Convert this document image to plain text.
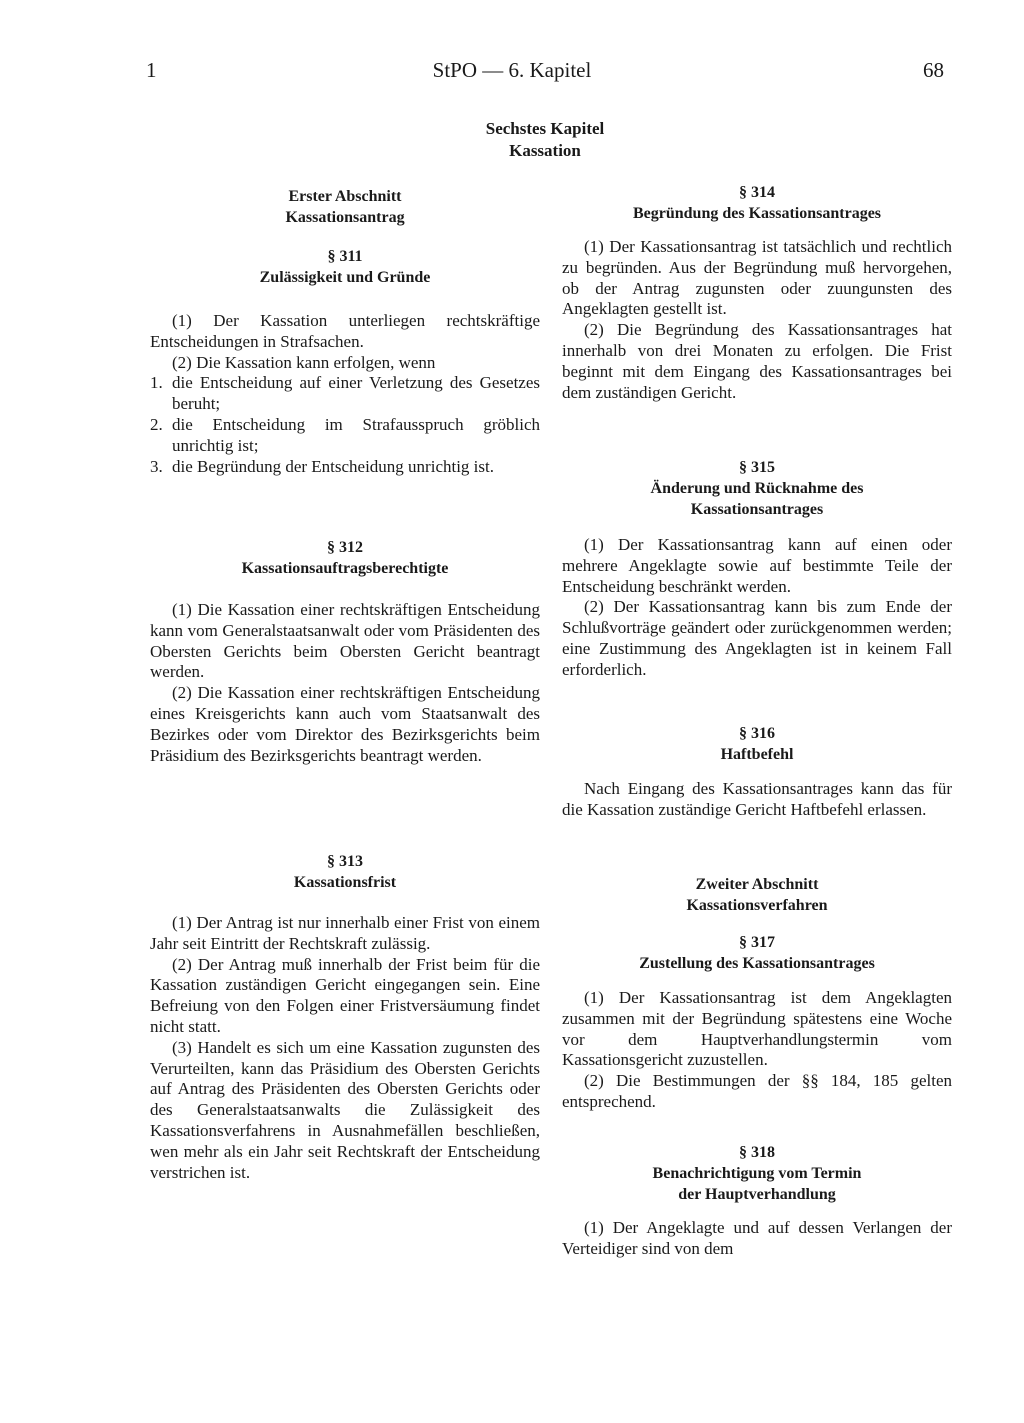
1	StPO — 6. Kapitel	68
Sechstes Kapitel
Kassation
Erster Abschnitt
Kassationsantrag
§ 311
Zulässigkeit und Gründe

(1) Der Kassation unterliegen rechtskräftige Entscheidungen in Strafsachen.

(2) Die Kassation kann erfolgen, wenn

1. die Entscheidung auf einer Verletzung des Gesetzes beruht;

2. die Entscheidung im Strafausspruch gröblich unrichtig ist;

3. die Begründung der Entscheidung unrichtig ist.

§ 312
Kassationsauftragsberechtigte

(1) Die Kassation einer rechtskräftigen Entscheidung kann vom Generalstaatsanwalt oder vom Präsidenten des Obersten Gerichts beim Obersten Gericht beantragt werden.

(2) Die Kassation einer rechtskräftigen Entscheidung eines Kreisgerichts kann auch vom Staatsanwalt des Bezirkes oder vom Direktor des Bezirksgerichts beim Präsidium des Bezirksgerichts beantragt werden.

§ 313
Kassationsfrist

(1) Der Antrag ist nur innerhalb einer Frist von einem Jahr seit Eintritt der Rechtskraft zulässig.

(2) Der Antrag muß innerhalb der Frist beim für die Kassation zuständigen Gericht eingegangen sein. Eine Befreiung von den Folgen einer Fristversäumung findet nicht statt.

(3) Handelt es sich um eine Kassation zugunsten des Verurteilten, kann das Präsidium des Obersten Gerichts auf Antrag des Präsidenten des Obersten Gerichts oder des Generalstaatsanwalts die Zulässigkeit des Kassationsverfahrens in Ausnahmefällen beschließen, wen mehr als ein Jahr seit Rechtskraft der Entscheidung verstrichen ist.

§ 314
Begründung des Kassationsantrages

(1) Der Kassationsantrag ist tatsächlich und rechtlich zu begründen. Aus der Begründung muß hervorgehen, ob der Antrag zugunsten oder zuungunsten des Angeklagten gestellt ist.

(2) Die Begründung des Kassationsantrages hat innerhalb von drei Monaten zu erfolgen. Die Frist beginnt mit dem Eingang des Kassationsantrages bei dem zuständigen Gericht.

§ 315
Änderung und Rücknahme des
Kassationsantrages

(1) Der Kassationsantrag kann auf einen oder mehrere Angeklagte sowie auf bestimmte Teile der Entscheidung beschränkt werden.

(2) Der Kassationsantrag kann bis zum Ende der Schlußvorträge geändert oder zurückgenommen werden; eine Zustimmung des Angeklagten ist in keinem Fall erforderlich.

§ 316
Haftbefehl

Nach Eingang des Kassationsantrages kann das für die Kassation zuständige Gericht Haftbefehl erlassen.

Zweiter Abschnitt
Kassationsverfahren
§ 317
Zustellung des Kassationsantrages

(1) Der Kassationsantrag ist dem Angeklagten zusammen mit der Begründung spätestens eine Woche vor dem Hauptverhandlungstermin vom Kassationsgericht zuzustellen.

(2) Die Bestimmungen der §§ 184, 185 gelten entsprechend.

§ 318
Benachrichtigung vom Termin
der Hauptverhandlung

(1) Der Angeklagte und auf dessen Verlangen der Verteidiger sind von dem
